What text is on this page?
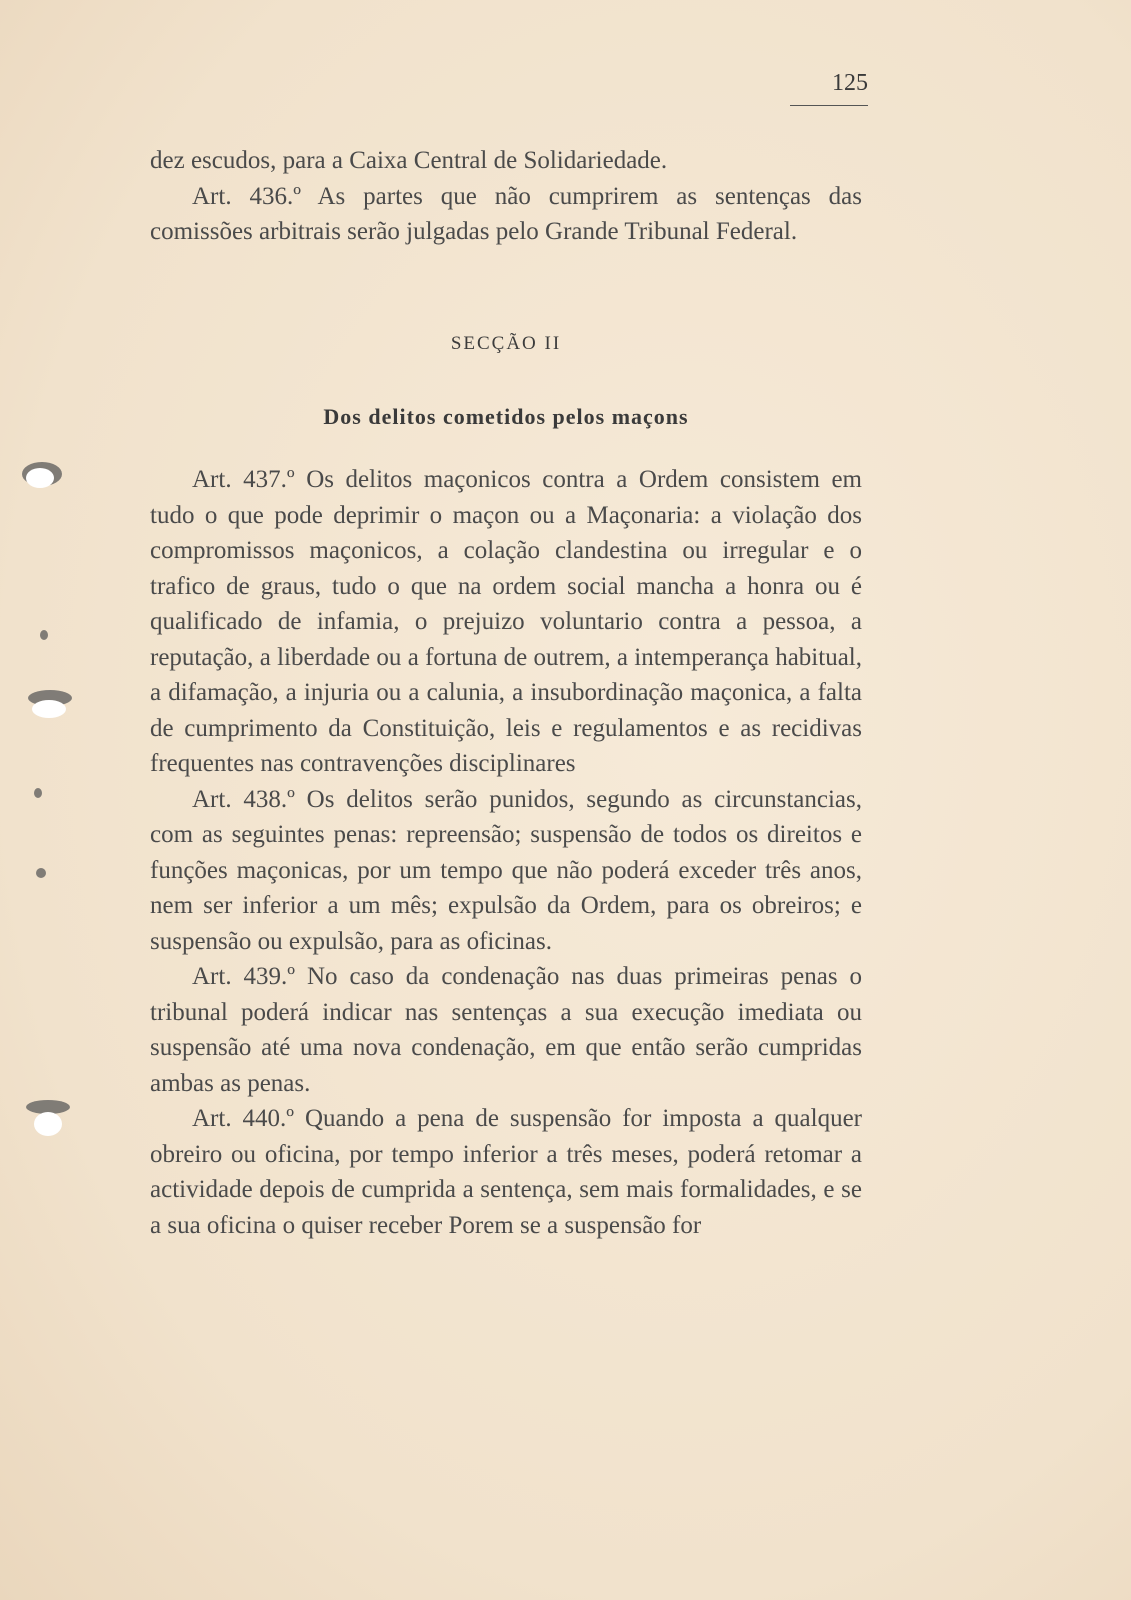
125

dez escudos, para a Caixa Central de Solidariedade.

Art. 436.º As partes que não cumprirem as sentenças das comissões arbitrais serão julgadas pelo Grande Tribunal Federal.

SECÇÃO II
Dos delitos cometidos pelos maçons

Art. 437.º Os delitos maçonicos contra a Ordem consistem em tudo o que pode deprimir o maçon ou a Maçonaria: a violação dos compromissos maçonicos, a colação clandestina ou irregular e o trafico de graus, tudo o que na ordem social mancha a honra ou é qualificado de infamia, o prejuizo voluntario contra a pessoa, a reputação, a liberdade ou a fortuna de outrem, a intemperança habitual, a difamação, a injuria ou a calunia, a insubordinação maçonica, a falta de cumprimento da Constituição, leis e regulamentos e as recidivas frequentes nas contravenções disciplinares

Art. 438.º Os delitos serão punidos, segundo as circunstancias, com as seguintes penas: repreensão; suspensão de todos os direitos e funções maçonicas, por um tempo que não poderá exceder três anos, nem ser inferior a um mês; expulsão da Ordem, para os obreiros; e suspensão ou expulsão, para as oficinas.

Art. 439.º No caso da condenação nas duas primeiras penas o tribunal poderá indicar nas sentenças a sua execução imediata ou suspensão até uma nova condenação, em que então serão cumpridas ambas as penas.

Art. 440.º Quando a pena de suspensão for imposta a qualquer obreiro ou oficina, por tempo inferior a três meses, poderá retomar a actividade depois de cumprida a sentença, sem mais formalidades, e se a sua oficina o quiser receber Porem se a suspensão for
